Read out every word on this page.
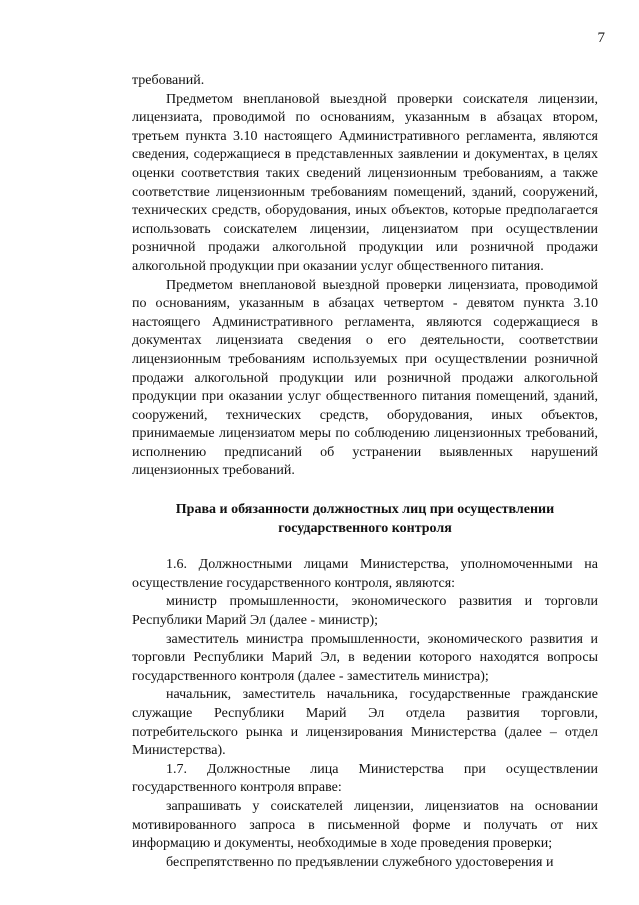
7

требований.

Предметом внеплановой выездной проверки соискателя лицензии, лицензиата, проводимой по основаниям, указанным в абзацах втором, третьем пункта 3.10 настоящего Административного регламента, являются сведения, содержащиеся в представленных заявлении и документах, в целях оценки соответствия таких сведений лицензионным требованиям, а также соответствие лицензионным требованиям помещений, зданий, сооружений, технических средств, оборудования, иных объектов, которые предполагается использовать соискателем лицензии, лицензиатом при осуществлении розничной продажи алкогольной продукции или розничной продажи алкогольной продукции при оказании услуг общественного питания.

Предметом внеплановой выездной проверки лицензиата, проводимой по основаниям, указанным в абзацах четвертом - девятом пункта 3.10 настоящего Административного регламента, являются содержащиеся в документах лицензиата сведения о его деятельности, соответствии лицензионным требованиям используемых при осуществлении розничной продажи алкогольной продукции или розничной продажи алкогольной продукции при оказании услуг общественного питания помещений, зданий, сооружений, технических средств, оборудования, иных объектов, принимаемые лицензиатом меры по соблюдению лицензионных требований, исполнению предписаний об устранении выявленных нарушений лицензионных требований.

Права и обязанности должностных лиц при осуществлении
государственного контроля

1.6. Должностными лицами Министерства, уполномоченными на осуществление государственного контроля, являются:

министр промышленности, экономического развития и торговли Республики Марий Эл (далее - министр);

заместитель министра промышленности, экономического развития и торговли Республики Марий Эл, в ведении которого находятся вопросы государственного контроля (далее - заместитель министра);

начальник, заместитель начальника, государственные гражданские служащие Республики Марий Эл отдела развития торговли, потребительского рынка и лицензирования Министерства (далее – отдел Министерства).

1.7. Должностные лица Министерства при осуществлении государственного контроля вправе:

запрашивать у соискателей лицензии, лицензиатов на основании мотивированного запроса в письменной форме и получать от них информацию и документы, необходимые в ходе проведения проверки;

беспрепятственно по предъявлении служебного удостоверения и
